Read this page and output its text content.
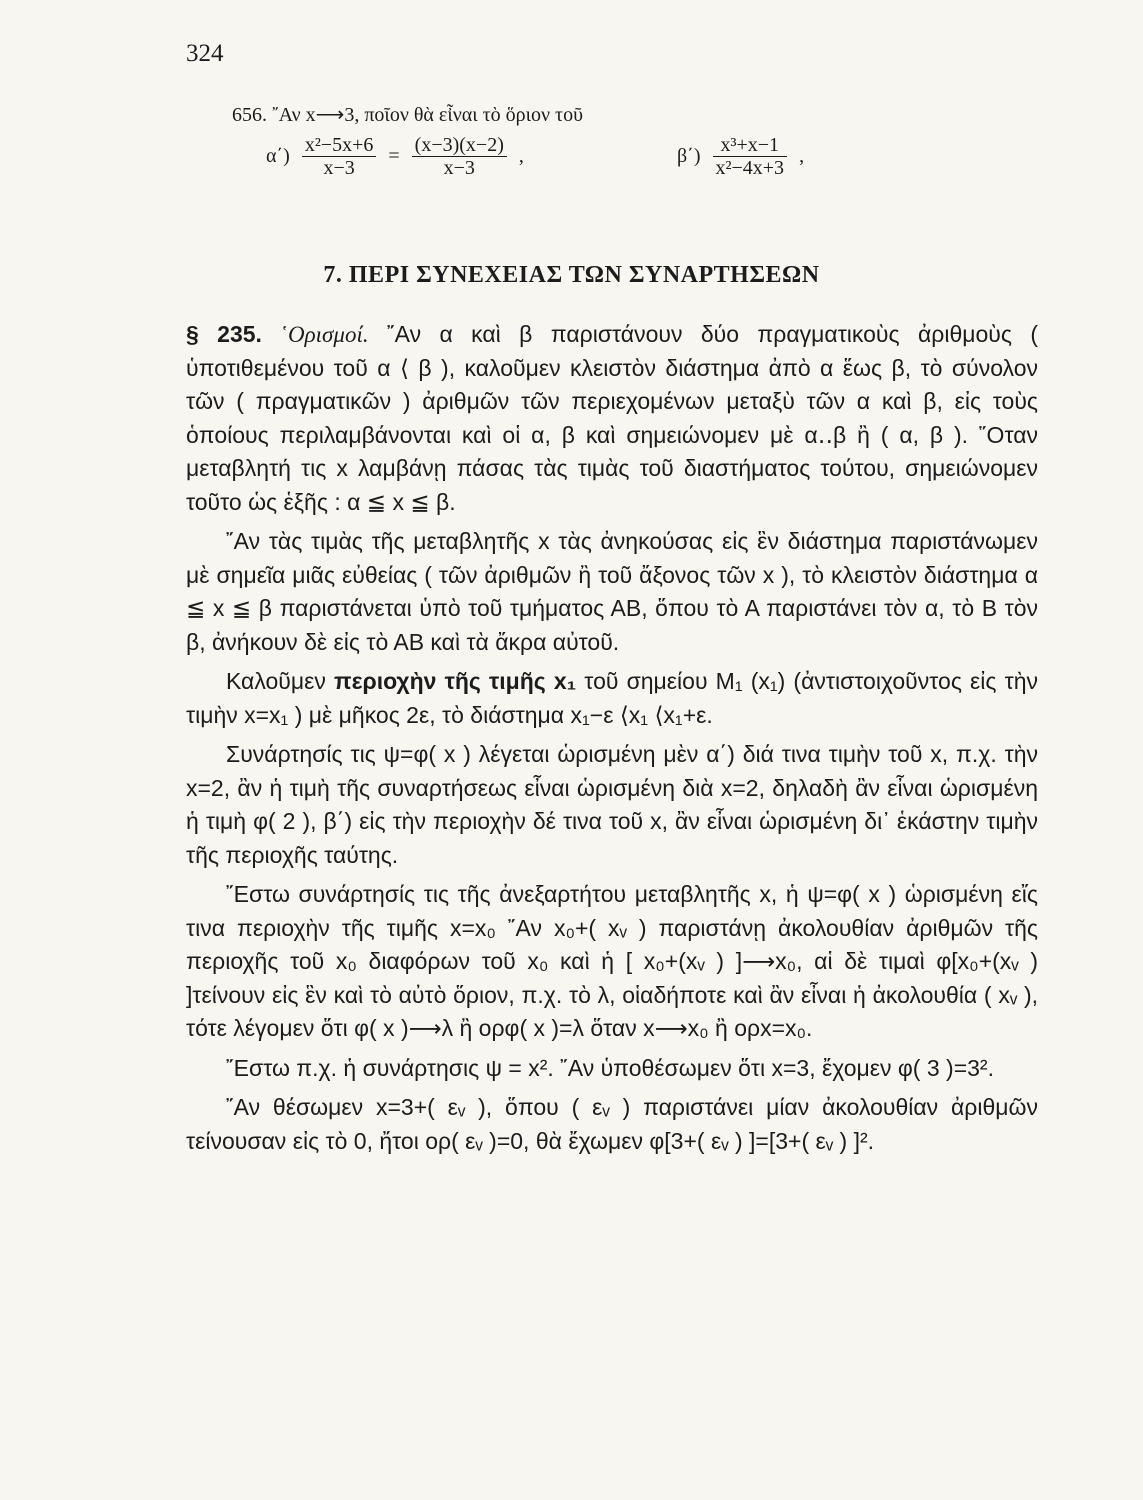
324
656. ῎Αν x⟶3, ποῖον θὰ εἶναι τὸ ὅριον τοῦ
$\alpha΄) \frac{\text{x²−5x+6}}{x-3} = \frac{(x-3)(x-2)}{x-3}$ ,	$\beta΄) \frac{\text{x³+x−1}}{\text{x²−4x+3}}$ ,
7. ΠΕΡΙ ΣΥΝΕΧΕΙΑΣ ΤΩΝ ΣΥΝΑΡΤΗΣΕΩΝ

§ 235. ῾Ορισμοί. ῎Αν α καὶ β παριστάνουν δύο πραγματικοὺς ἀριθμοὺς ( ὑποτιθεμένου τοῦ α ⟨ β ), καλοῦμεν κλειστὸν διάστημα ἀπὸ α ἕως β, τὸ σύνολον τῶν ( πραγματικῶν ) ἀριθμῶν τῶν περιεχομένων μεταξὺ τῶν α καὶ β, εἰς τοὺς ὁποίους περιλαμβάνονται καὶ οἱ α, β καὶ σημειώνομεν μὲ α‥β ἢ ( α, β ). ῞Οταν μεταβλητή τις x λαμβάνῃ πάσας τὰς τιμὰς τοῦ διαστήματος τούτου, σημειώνομεν τοῦτο ὡς ἑξῆς : α ≦ x ≦ β.

῎Αν τὰς τιμὰς τῆς μεταβλητῆς x τὰς ἀνηκούσας εἰς ἓν διάστημα παριστάνωμεν μὲ σημεῖα μιᾶς εὐθείας ( τῶν ἀριθμῶν ἢ τοῦ ἄξονος τῶν x ), τὸ κλειστὸν διάστημα α ≦ x ≦ β παριστάνεται ὑπὸ τοῦ τμήματος ΑΒ, ὅπου τὸ Α παριστάνει τὸν α, τὸ Β τὸν β, ἀνήκουν δὲ εἰς τὸ ΑΒ καὶ τὰ ἄκρα αὐτοῦ.

Καλοῦμεν περιοχὴν τῆς τιμῆς x₁ τοῦ σημείου Μ₁ (x₁) (ἀντιστοιχοῦντος εἰς τὴν τιμὴν x=x₁ ) μὲ μῆκος 2ε, τὸ διάστημα x₁−ε ⟨x₁ ⟨x₁+ε.

Συνάρτησίς τις ψ=φ( x ) λέγεται ὡρισμένη μὲν α΄) διά τινα τιμὴν τοῦ x, π.χ. τὴν x=2, ἂν ἡ τιμὴ τῆς συναρτήσεως εἶναι ὡρισμένη διὰ x=2, δηλαδὴ ἂν εἶναι ὡρισμένη ἡ τιμὴ φ( 2 ), β΄) εἰς τὴν περιοχὴν δέ τινα τοῦ x, ἂν εἶναι ὡρισμένη δι᾿ ἑκάστην τιμὴν τῆς περιοχῆς ταύτης.

῎Εστω συνάρτησίς τις τῆς ἀνεξαρτήτου μεταβλητῆς x, ἡ ψ=φ( x ) ὡρισμένη εἴς τινα περιοχὴν τῆς τιμῆς x=x₀ ῎Αν x₀+( xᵥ ) παριστάνῃ ἀκολουθίαν ἀριθμῶν τῆς περιοχῆς τοῦ x₀ διαφόρων τοῦ x₀ καὶ ἡ [ x₀+(xᵥ ) ]⟶x₀, αἱ δὲ τιμαὶ φ[x₀+(xᵥ ) ]τείνουν εἰς ἓν καὶ τὸ αὐτὸ ὅριον, π.χ. τὸ λ, οἱαδήποτε καὶ ἂν εἶναι ἡ ἀκολουθία ( xᵥ ), τότε λέγομεν ὅτι φ( x )⟶λ ἢ ορφ( x )=λ ὅταν x⟶x₀ ἢ ορx=x₀.

῎Εστω π.χ. ἡ συνάρτησις ψ = x². ῎Αν ὑποθέσωμεν ὅτι x=3, ἔχομεν φ( 3 )=3².

῎Αν θέσωμεν x=3+( εᵥ ), ὅπου ( εᵥ ) παριστάνει μίαν ἀκολουθίαν ἀριθμῶν τείνουσαν εἰς τὸ 0, ἤτοι ορ( εᵥ )=0, θὰ ἔχωμεν φ[3+( εᵥ ) ]=[3+( εᵥ ) ]².
